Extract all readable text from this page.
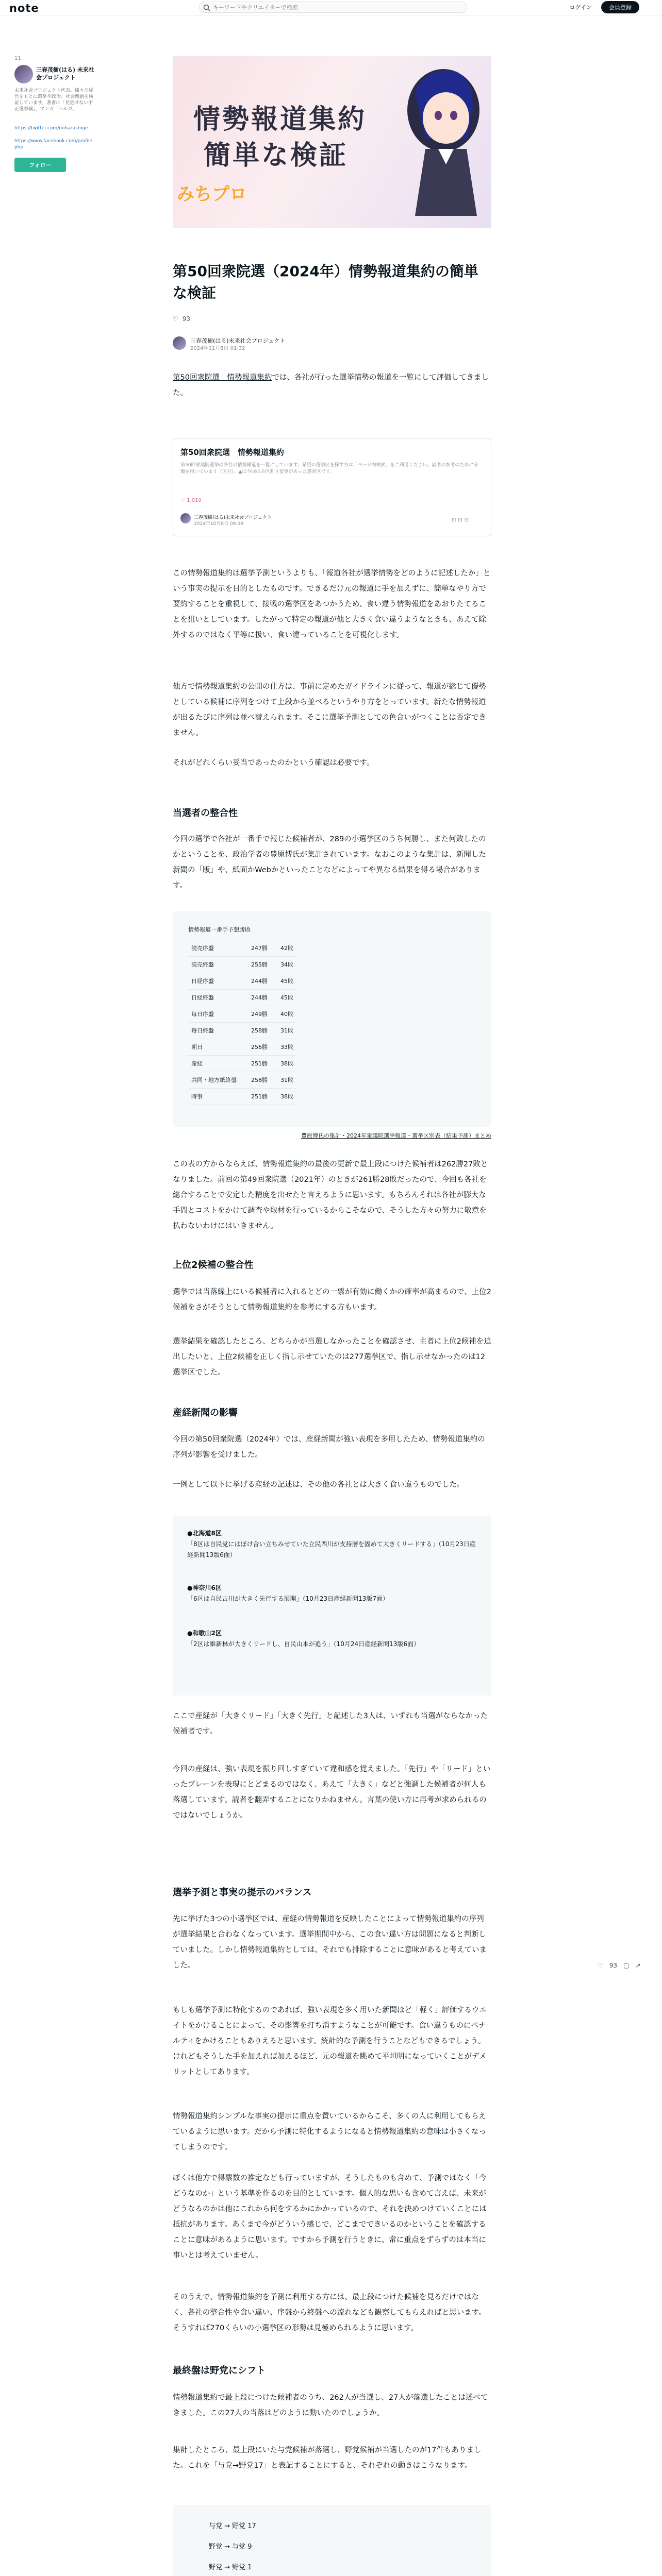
note
キーワードやクリエイターで検索	ログイン	会員登録
11
三春茂樹(はる) 未来社会プロジェクト
未来社会プロジェクト代表。様々な経営をもとに選挙や政治、社会問題を検証しています。著書に「見逃せない不正選挙論」、マンガ「ハルカ」
https://twitter.com/miharushige
https://www.facebook.com/profile.php
フォロー
情勢報道集約
簡単な検証
みちプロ
第50回衆院選（2024年）情勢報道集約の簡単な検証
♡ 93
三春茂樹(はる)未来社会プロジェクト
2024年11月8日 01:32

第50回衆院選　情勢報道集約では、各社が行った選挙情勢の報道を一覧にして評価してきました。

第50回衆院選　情勢報道集約
第50回衆議院選挙の各社の情勢報道を一覧にしています。希望の選挙区を探す方は「ページ内検索」をご利用ください。読者の参考のために分類を用いています（区分）。▲は今回のみ区割り変更があった選挙区です。
♡ 1,019
三春茂樹(はる)未来社会プロジェクト
2024年10月8日 09:09
⊡⊡⊡

この情勢報道集約は選挙予測というよりも、「報道各社が選挙情勢をどのように記述したか」という事実の提示を目的としたものです。できるだけ元の報道に手を加えずに、簡単なやり方で要約することを重視して、接戦の選挙区をあつかうため、食い違う情勢報道をあおりたてることを狙いとしています。したがって特定の報道が他と大きく食い違うようなときも、あえて除外するのではなく平等に扱い、食い違っていることを可視化します。

他方で情勢報道集約の公開の仕方は、事前に定めたガイドラインに従って、報道が総じて優勢としている候補に序列をつけて上段から並べるというやり方をとっています。新たな情勢報道が出るたびに序列は並べ替えられます。そこに選挙予測としての色合いがつくことは否定できません。

それがどれくらい妥当であったのかという確認は必要です。

当選者の整合性

今回の選挙で各社が一番手で報じた候補者が、289の小選挙区のうち何勝し、また何敗したのかということを、政治学者の豊原博氏が集計されています。なおこのような集計は、新聞した新聞の「版」や、紙面かWebかといったことなどによってや異なる結果を得る場合があります。

情勢報道一番手予想勝敗
読売序盤	247勝	42敗
読売終盤	255勝	34敗
日経序盤	244勝	45敗
日経終盤	244勝	45敗
毎日序盤	249勝	40敗
毎日終盤	258勝	31敗
朝日	256勝	33敗
産経	251勝	38敗
共同・地方紙終盤	258勝	31敗
時事	251勝	38敗
豊原博氏の集計・2024年衆議院選挙報道・選挙区別表（結果予測）まとめ

この表の方からならえば、情勢報道集約の最後の更新で最上段につけた候補者は262勝27敗となりました。前回の第49回衆院選（2021年）のときが261勝28敗だったので、今回も各社を総合することで安定した精度を出せたと言えるように思います。もちろんそれは各社が膨大な手間とコストをかけて調査や取材を行っているからこそなので、そうした方々の努力に敬意を払わないわけにはいきません。

上位2候補の整合性

選挙では当落線上にいる候補者に入れるとどの一票が有効に働くかの確率が高まるので、上位2候補をさがそうとして情勢報道集約を参考にする方もいます。

選挙結果を確認したところ、どちらかが当選しなかったことを確認させ、主者に上位2候補を追出したいと、上位2候補を正しく指し示せていたのは277選挙区で、指し示せなかったのは12選挙区でした。

産経新聞の影響

今回の第50回衆院選（2024年）では、産経新聞が強い表現を多用したため、情勢報道集約の序列が影響を受けました。

一例として以下に挙げる産経の記述は、その他の各社とは大きく食い違うものでした。

●北海道8区
「8区は自民党にはぼけ合い立ちみせていた立民西川が支持層を固めて大きくリードする」（10月23日産経新聞13版6面）
●神奈川6区
「6区は自民古川が大きく先行する展開」（10月23日産経新聞13版7面）
●和歌山2区
「2区は維新林が大きくリードし、自民山本が追う」（10月24日産経新聞13版6面）

ここで産経が「大きくリード」「大きく先行」と記述した3人は、いずれも当選がならなかった候補者です。

今回の産経は、強い表現を振り回しすぎていて違和感を覚えました。「先行」や「リード」といったブレーンを表現にとどまるのではなく、あえて「大きく」などと強調した候補者が何人も落選しています。読者を翻弄することになりかねません。言葉の使い方に再考が求められるのではないでしょうか。

♡ 93 ▢ ↗
選挙予測と事実の提示のバランス

先に挙げた3つの小選挙区では、産経の情勢報道を反映したことによって情勢報道集約の序列が選挙結果と合わなくなっています。選挙期間中から、この食い違い方は問題になると判断していました。しかし情勢報道集約としては、それでも排除することに意味があると考えていました。

もしも選挙予測に特化するのであれば、強い表現を多く用いた新聞ほど「軽く」評価するウエイトをかけることによって、その影響を打ち消すようなことが可能です。食い違うものにペナルティをかけることもありえると思います。統計的な予測を行うことなどもできるでしょう。けれどもそうした手を加えれば加えるほど、元の報道を眺めて平坦明になっていくことがデメリットとしてあります。

情勢報道集約シンプルな事実の提示に重点を置いているからこそ、多くの人に利用してもらえているように思います。だから予測に特化するようになると情勢報道集約の意味は小さくなってしまうのです。

ぼくは他方で得票数の推定なども行っていますが、そうしたものも含めて、予測ではなく「今どうなのか」という基準を作るのを目的としています。個人的な思いも含めて言えば、未来がどうなるのかは他にこれから何をするかにかかっているので、それを決めつけていくことには抵抗があります。あくまで今がどういう感じで、どこまでできいるのかということを確認することに意味があるように思います。ですから予測を行うときに、常に重点をずらずのは本当に事いとは考えていません。

そのうえで、情勢報道集約を予測に利用する方には、最上段につけた候補を見るだけではなく、各社の整合性や食い違い、序盤から終盤への流れなども観察してもらえればと思います。そうすれば270くらいの小選挙区の形勢は見極められるように思います。

最終盤は野党にシフト

情勢報道集約で最上段につけた候補者のうち、262人が当選し、27人が落選したことは述べてきました。この27人の当落はどのように動いたのでしょうか。

集計したところ、最上段にいた与党候補が落選し、野党候補が当選したのが17件もありました。これを「与党→野党17」と表記することにすると、それぞれの動きはこうなります。

与党 → 野党 17
野党 → 与党 9
野党 → 野党 1
